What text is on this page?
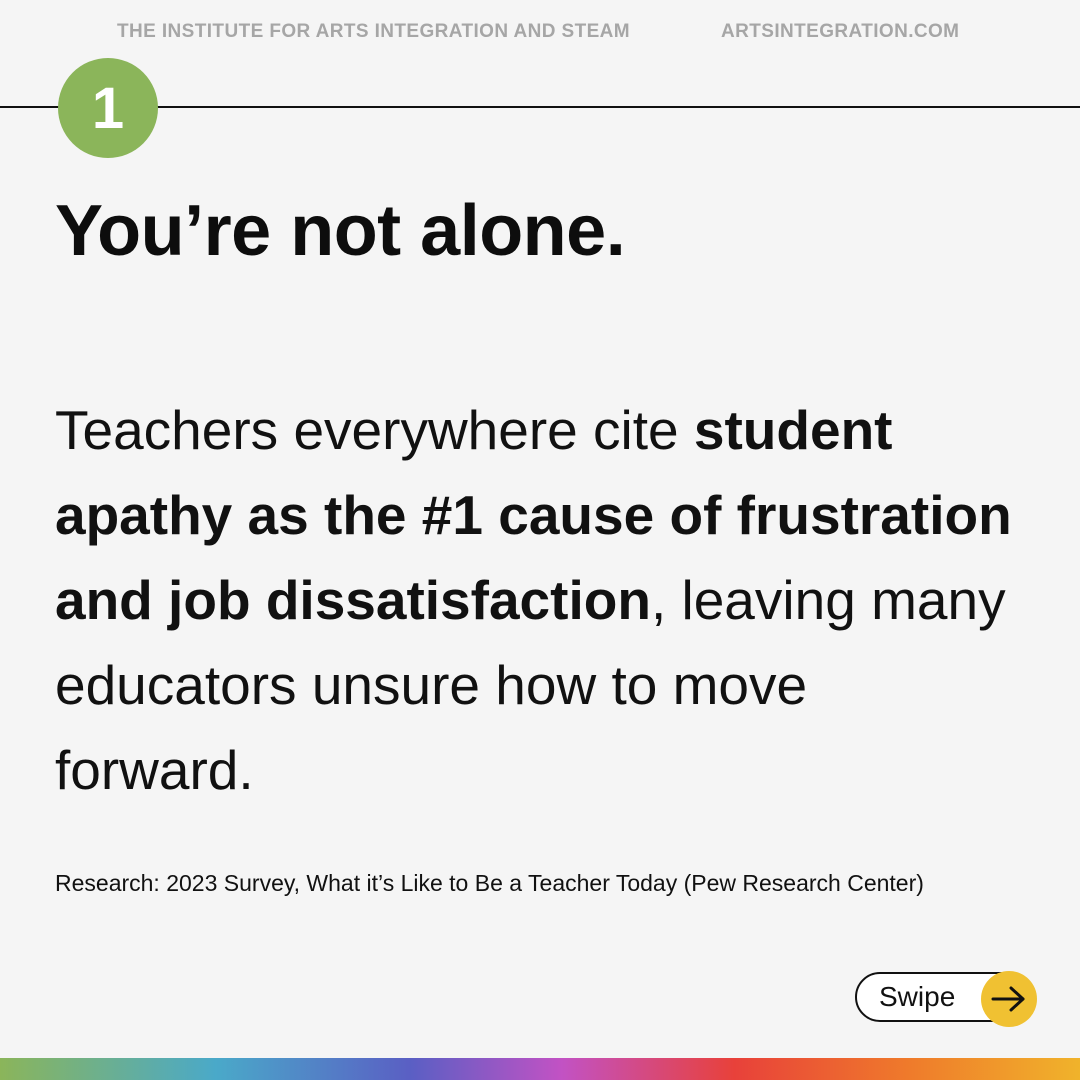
THE INSTITUTE FOR ARTS INTEGRATION AND STEAM	ARTSINTEGRATION.COM
1
You’re not alone.

Teachers everywhere cite student apathy as the #1 cause of frustration and job dissatisfaction, leaving many educators unsure how to move forward.

Research: 2023 Survey, What it’s Like to Be a Teacher Today (Pew Research Center)
Swipe
